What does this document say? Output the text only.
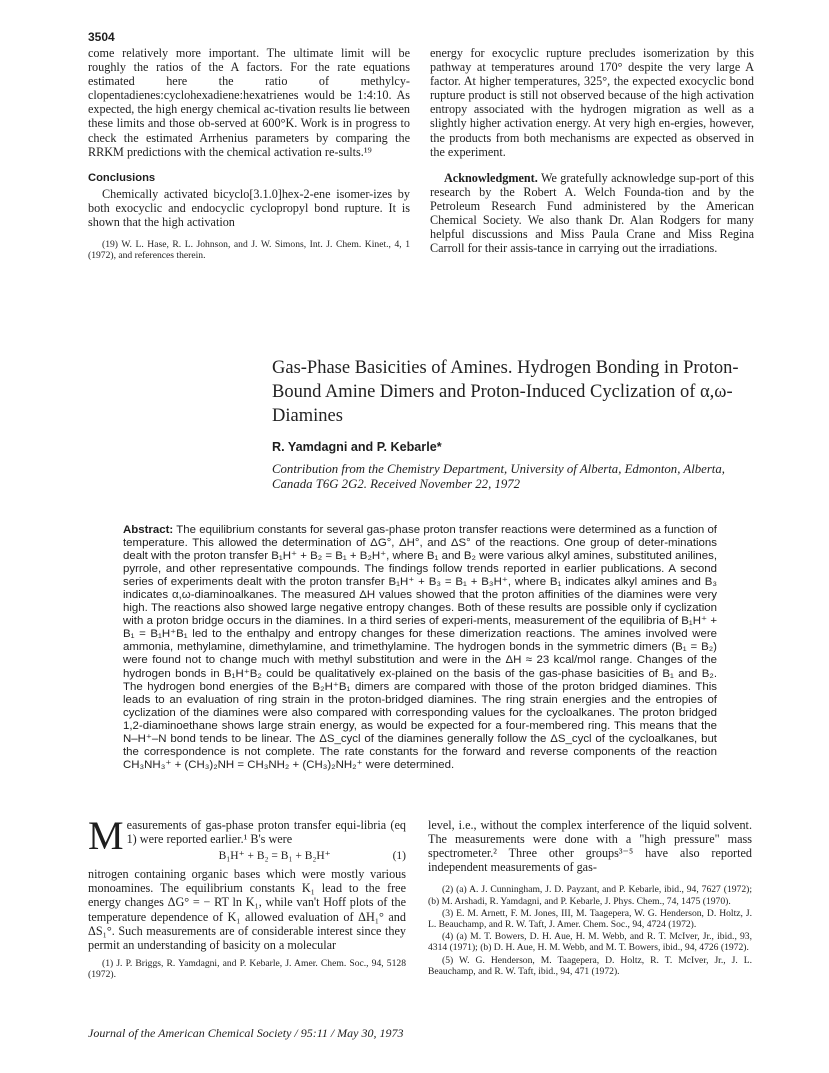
3504

come relatively more important. The ultimate limit will be roughly the ratios of the A factors. For the rate equations estimated here the ratio of methylcy-clopentadienes:cyclohexadiene:hexatrienes would be 1:4:10. As expected, the high energy chemical ac-tivation results lie between these limits and those ob-served at 600°K. Work is in progress to check the estimated Arrhenius parameters by comparing the RRKM predictions with the chemical activation re-sults.¹⁹

Conclusions

Chemically activated bicyclo[3.1.0]hex-2-ene isomer-izes by both exocyclic and endocyclic cyclopropyl bond rupture. It is shown that the high activation

(19) W. L. Hase, R. L. Johnson, and J. W. Simons, Int. J. Chem. Kinet., 4, 1 (1972), and references therein.

energy for exocyclic rupture precludes isomerization by this pathway at temperatures around 170° despite the very large A factor. At higher temperatures, 325°, the expected exocyclic bond rupture product is still not observed because of the high activation entropy associated with the hydrogen migration as well as a slightly higher activation energy. At very high en-ergies, however, the products from both mechanisms are expected as observed in the experiment.

Acknowledgment. We gratefully acknowledge sup-port of this research by the Robert A. Welch Founda-tion and by the Petroleum Research Fund administered by the American Chemical Society. We also thank Dr. Alan Rodgers for many helpful discussions and Miss Paula Crane and Miss Regina Carroll for their assis-tance in carrying out the irradiations.

Gas-Phase Basicities of Amines. Hydrogen Bonding in Proton-Bound Amine Dimers and Proton-Induced Cyclization of α,ω-Diamines
R. Yamdagni and P. Kebarle*
Contribution from the Chemistry Department, University of Alberta, Edmonton, Alberta, Canada T6G 2G2. Received November 22, 1972
Abstract: The equilibrium constants for several gas-phase proton transfer reactions were determined as a function of temperature. This allowed the determination of ΔG°, ΔH°, and ΔS° of the reactions. One group of deter-minations dealt with the proton transfer B₁H⁺ + B₂ = B₁ + B₂H⁺, where B₁ and B₂ were various alkyl amines, substituted anilines, pyrrole, and other representative compounds. The findings follow trends reported in earlier publications. A second series of experiments dealt with the proton transfer B₁H⁺ + B₃ = B₁ + B₃H⁺, where B₁ indicates alkyl amines and B₃ indicates α,ω-diaminoalkanes. The measured ΔH values showed that the proton affinities of the diamines were very high. The reactions also showed large negative entropy changes. Both of these results are possible only if cyclization with a proton bridge occurs in the diamines. In a third series of experi-ments, measurement of the equilibria of B₁H⁺ + B₁ = B₁H⁺B₁ led to the enthalpy and entropy changes for these dimerization reactions. The amines involved were ammonia, methylamine, dimethylamine, and trimethylamine. The hydrogen bonds in the symmetric dimers (B₁ = B₂) were found not to change much with methyl substitution and were in the ΔH ≈ 23 kcal/mol range. Changes of the hydrogen bonds in B₁H⁺B₂ could be qualitatively ex-plained on the basis of the gas-phase basicities of B₁ and B₂. The hydrogen bond energies of the B₂H⁺B₁ dimers are compared with those of the proton bridged diamines. This leads to an evaluation of ring strain in the proton-bridged diamines. The ring strain energies and the entropies of cyclization of the diamines were also compared with corresponding values for the cycloalkanes. The proton bridged 1,2-diaminoethane shows large strain energy, as would be expected for a four-membered ring. This means that the N–H⁺–N bond tends to be linear. The ΔS_cycl of the diamines generally follow the ΔS_cycl of the cycloalkanes, but the correspondence is not complete. The rate constants for the forward and reverse components of the reaction CH₃NH₃⁺ + (CH₃)₂NH = CH₃NH₂ + (CH₃)₂NH₂⁺ were determined.

Measurements of gas-phase proton transfer equi-libria (eq 1) were reported earlier.¹ B's were

B₁H⁺ + B₂ = B₁ + B₂H⁺	(1)

nitrogen containing organic bases which were mostly various monoamines. The equilibrium constants K₁ lead to the free energy changes ΔG° = − RT ln K₁, while van't Hoff plots of the temperature dependence of K₁ allowed evaluation of ΔH₁° and ΔS₁°. Such measurements are of considerable interest since they permit an understanding of basicity on a molecular

(1) J. P. Briggs, R. Yamdagni, and P. Kebarle, J. Amer. Chem. Soc., 94, 5128 (1972).

level, i.e., without the complex interference of the liquid solvent. The measurements were done with a "high pressure" mass spectrometer.² Three other groups³⁻⁵ have also reported independent measurements of gas-

(2) (a) A. J. Cunningham, J. D. Payzant, and P. Kebarle, ibid., 94, 7627 (1972); (b) M. Arshadi, R. Yamdagni, and P. Kebarle, J. Phys. Chem., 74, 1475 (1970).

(3) E. M. Arnett, F. M. Jones, III, M. Taagepera, W. G. Henderson, D. Holtz, J. L. Beauchamp, and R. W. Taft, J. Amer. Chem. Soc., 94, 4724 (1972).

(4) (a) M. T. Bowers, D. H. Aue, H. M. Webb, and R. T. McIver, Jr., ibid., 93, 4314 (1971); (b) D. H. Aue, H. M. Webb, and M. T. Bowers, ibid., 94, 4726 (1972).

(5) W. G. Henderson, M. Taagepera, D. Holtz, R. T. McIver, Jr., J. L. Beauchamp, and R. W. Taft, ibid., 94, 471 (1972).

Journal of the American Chemical Society / 95:11 / May 30, 1973
